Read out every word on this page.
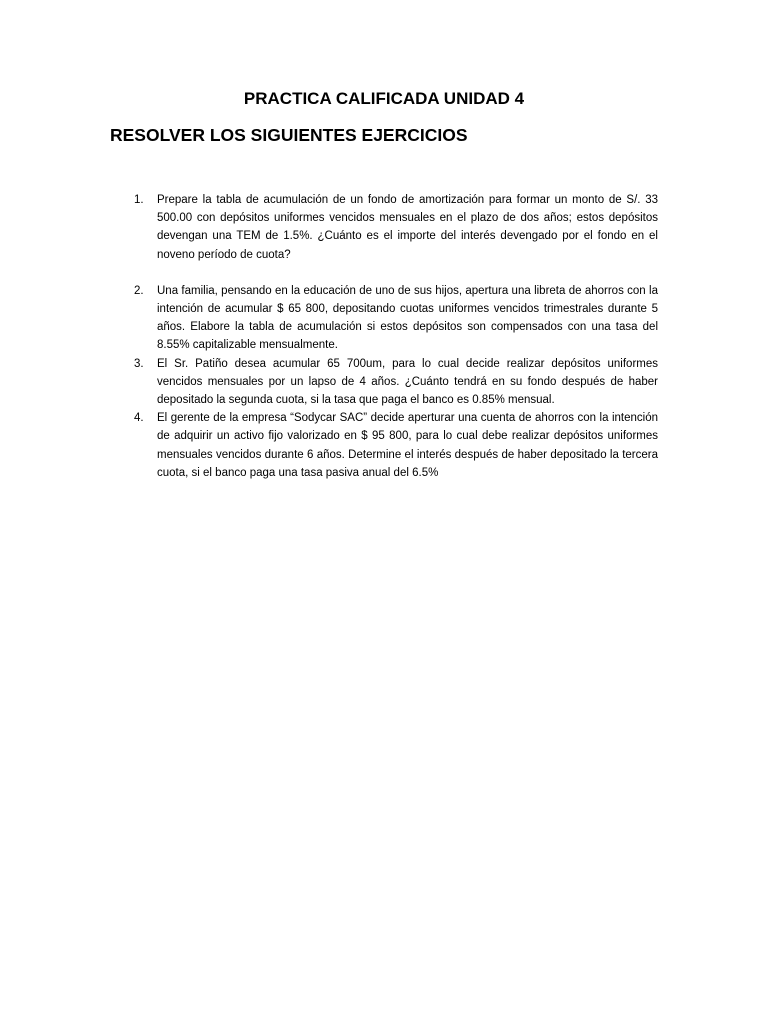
PRACTICA CALIFICADA UNIDAD 4
RESOLVER LOS SIGUIENTES EJERCICIOS
1. Prepare la tabla de acumulación de un fondo de amortización para formar un monto de S/. 33 500.00 con depósitos uniformes vencidos mensuales en el plazo de dos años; estos depósitos devengan una TEM de 1.5%. ¿Cuánto es el importe del interés devengado por el fondo en el noveno período de cuota?
2. Una familia, pensando en la educación de uno de sus hijos, apertura una libreta de ahorros con la intención de acumular $ 65 800, depositando cuotas uniformes vencidos trimestrales durante 5 años. Elabore la tabla de acumulación si estos depósitos son compensados con una tasa del 8.55% capitalizable mensualmente.
3. El Sr. Patiño desea acumular 65 700um, para lo cual decide realizar depósitos uniformes vencidos mensuales por un lapso de 4 años. ¿Cuánto tendrá en su fondo después de haber depositado la segunda cuota, si la tasa que paga el banco es 0.85% mensual.
4. El gerente de la empresa “Sodycar SAC” decide aperturar una cuenta de ahorros con la intención de adquirir un activo fijo valorizado en $ 95 800, para lo cual debe realizar depósitos uniformes mensuales vencidos durante 6 años. Determine el interés después de haber depositado la tercera cuota, si el banco paga una tasa pasiva anual del 6.5%
